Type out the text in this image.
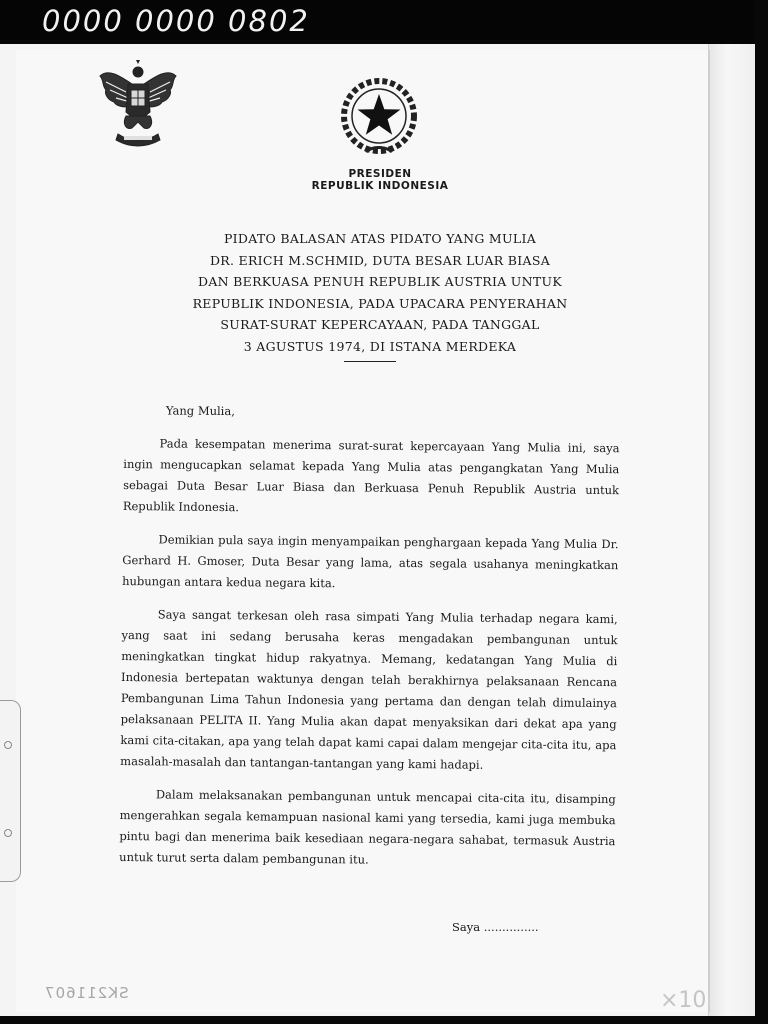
0000 0000 0802
PRESIDEN
REPUBLIK INDONESIA
PIDATO BALASAN ATAS PIDATO YANG MULIA
DR. ERICH M.SCHMID, DUTA BESAR LUAR BIASA
DAN BERKUASA PENUH REPUBLIK AUSTRIA UNTUK
REPUBLIK INDONESIA, PADA UPACARA PENYERAHAN
SURAT-SURAT KEPERCAYAAN, PADA TANGGAL
3 AGUSTUS 1974, DI ISTANA MERDEKA

Yang Mulia,

Pada kesempatan menerima surat-surat kepercayaan Yang Mulia ini, saya ingin mengucapkan selamat kepada Yang Mulia atas pengangkatan Yang Mulia sebagai Duta Besar Luar Biasa dan Berkuasa Penuh Republik Austria untuk Republik Indonesia.

Demikian pula saya ingin menyampaikan penghargaan kepada Yang Mulia Dr. Gerhard H. Gmoser, Duta Besar yang lama, atas segala usahanya meningkatkan hubungan antara kedua negara kita.

Saya sangat terkesan oleh rasa simpati Yang Mulia terhadap negara kami, yang saat ini sedang berusaha keras mengadakan pembangunan untuk meningkatkan tingkat hidup rakyatnya. Memang, kedatangan Yang Mulia di Indonesia bertepatan waktunya dengan telah berakhirnya pelaksanaan Rencana Pembangunan Lima Tahun Indonesia yang pertama dan dengan telah dimulainya pelaksanaan PELITA II. Yang Mulia akan dapat menyaksikan dari dekat apa yang kami cita-citakan, apa yang telah dapat kami capai dalam mengejar cita-cita itu, apa masalah-masalah dan tantangan-tantangan yang kami hadapi.

Dalam melaksanakan pembangunan untuk mencapai cita-cita itu, disamping mengerahkan segala kemampuan nasional kami yang tersedia, kami juga membuka pintu bagi dan menerima baik kesediaan negara-negara sahabat, termasuk Austria untuk turut serta dalam pembangunan itu.

Saya ...............
SK211607	×10
